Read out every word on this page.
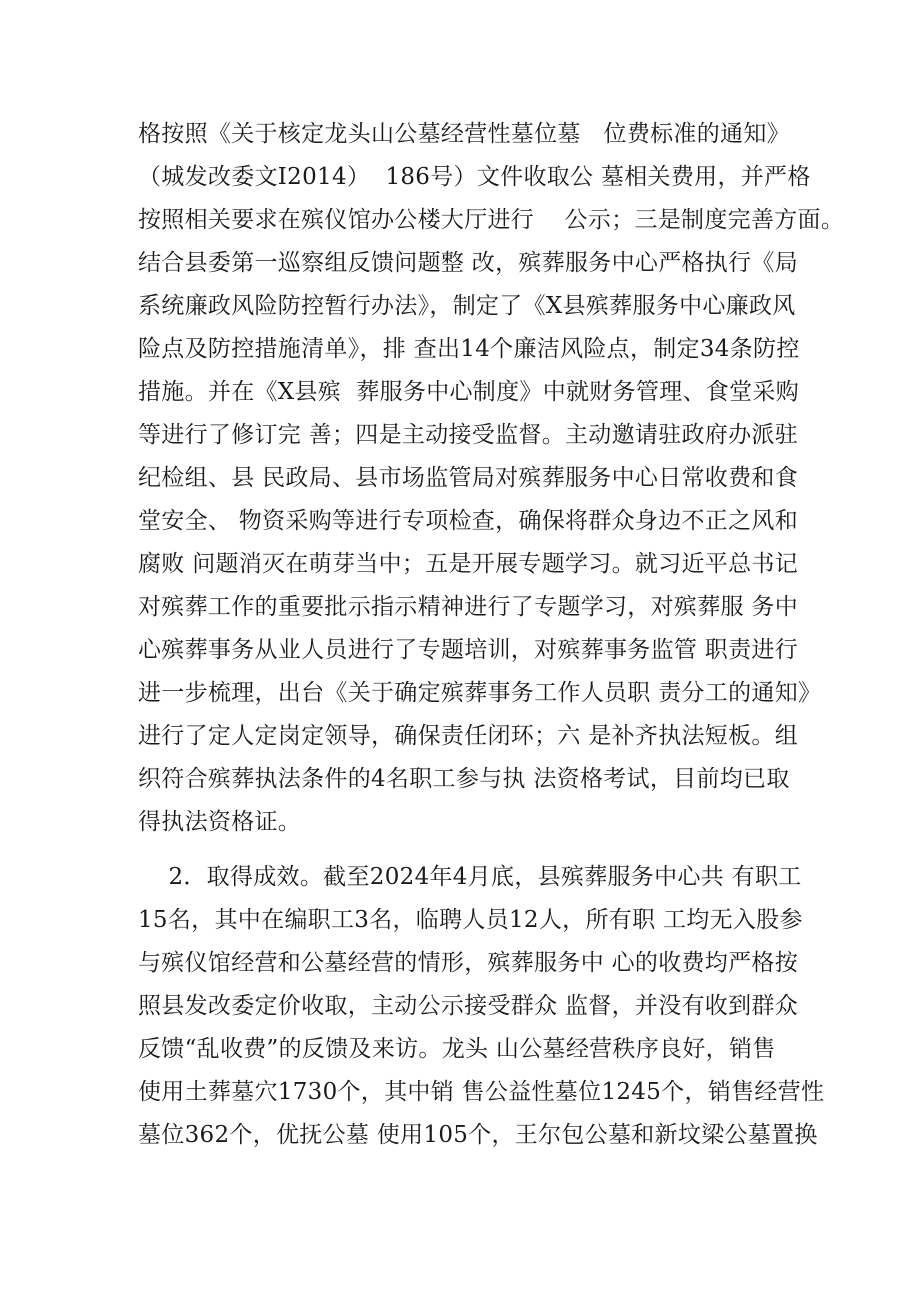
格按照《关于核定龙头山公墓经营性墓位墓   位费标准的通知》
（城发改委文I2014）  186号）文件收取公 墓相关费用，并严格
按照相关要求在殡仪馆办公楼大厅进行    公示；三是制度完善方面。
结合县委第一巡察组反馈问题整 改，殡葬服务中心严格执行《局
系统廉政风险防控暂行办法》，制定了《X县殡葬服务中心廉政风
险点及防控措施清单》，排 查出14个廉洁风险点，制定34条防控
措施。并在《X县殡  葬服务中心制度》中就财务管理、食堂采购
等进行了修订完 善；四是主动接受监督。主动邀请驻政府办派驻
纪检组、县 民政局、县市场监管局对殡葬服务中心日常收费和食
堂安全、 物资采购等进行专项检查，确保将群众身边不正之风和
腐败 问题消灭在萌芽当中；五是开展专题学习。就习近平总书记
对殡葬工作的重要批示指示精神进行了专题学习，对殡葬服 务中
心殡葬事务从业人员进行了专题培训，对殡葬事务监管 职责进行
进一步梳理，出台《关于确定殡葬事务工作人员职 责分工的通知》
进行了定人定岗定领导，确保责任闭环；六 是补齐执法短板。组
织符合殡葬执法条件的4名职工参与执 法资格考试，目前均已取
得执法资格证。
2．取得成效。截至2024年4月底，县殡葬服务中心共 有职工
15名，其中在编职工3名，临聘人员12人，所有职 工均无入股参
与殡仪馆经营和公墓经营的情形，殡葬服务中 心的收费均严格按
照县发改委定价收取，主动公示接受群众 监督，并没有收到群众
反馈“乱收费”的反馈及来访。龙头 山公墓经营秩序良好，销售
使用土葬墓穴1730个，其中销 售公益性墓位1245个，销售经营性
墓位362个，优抚公墓 使用105个，王尔包公墓和新坟梁公墓置换
